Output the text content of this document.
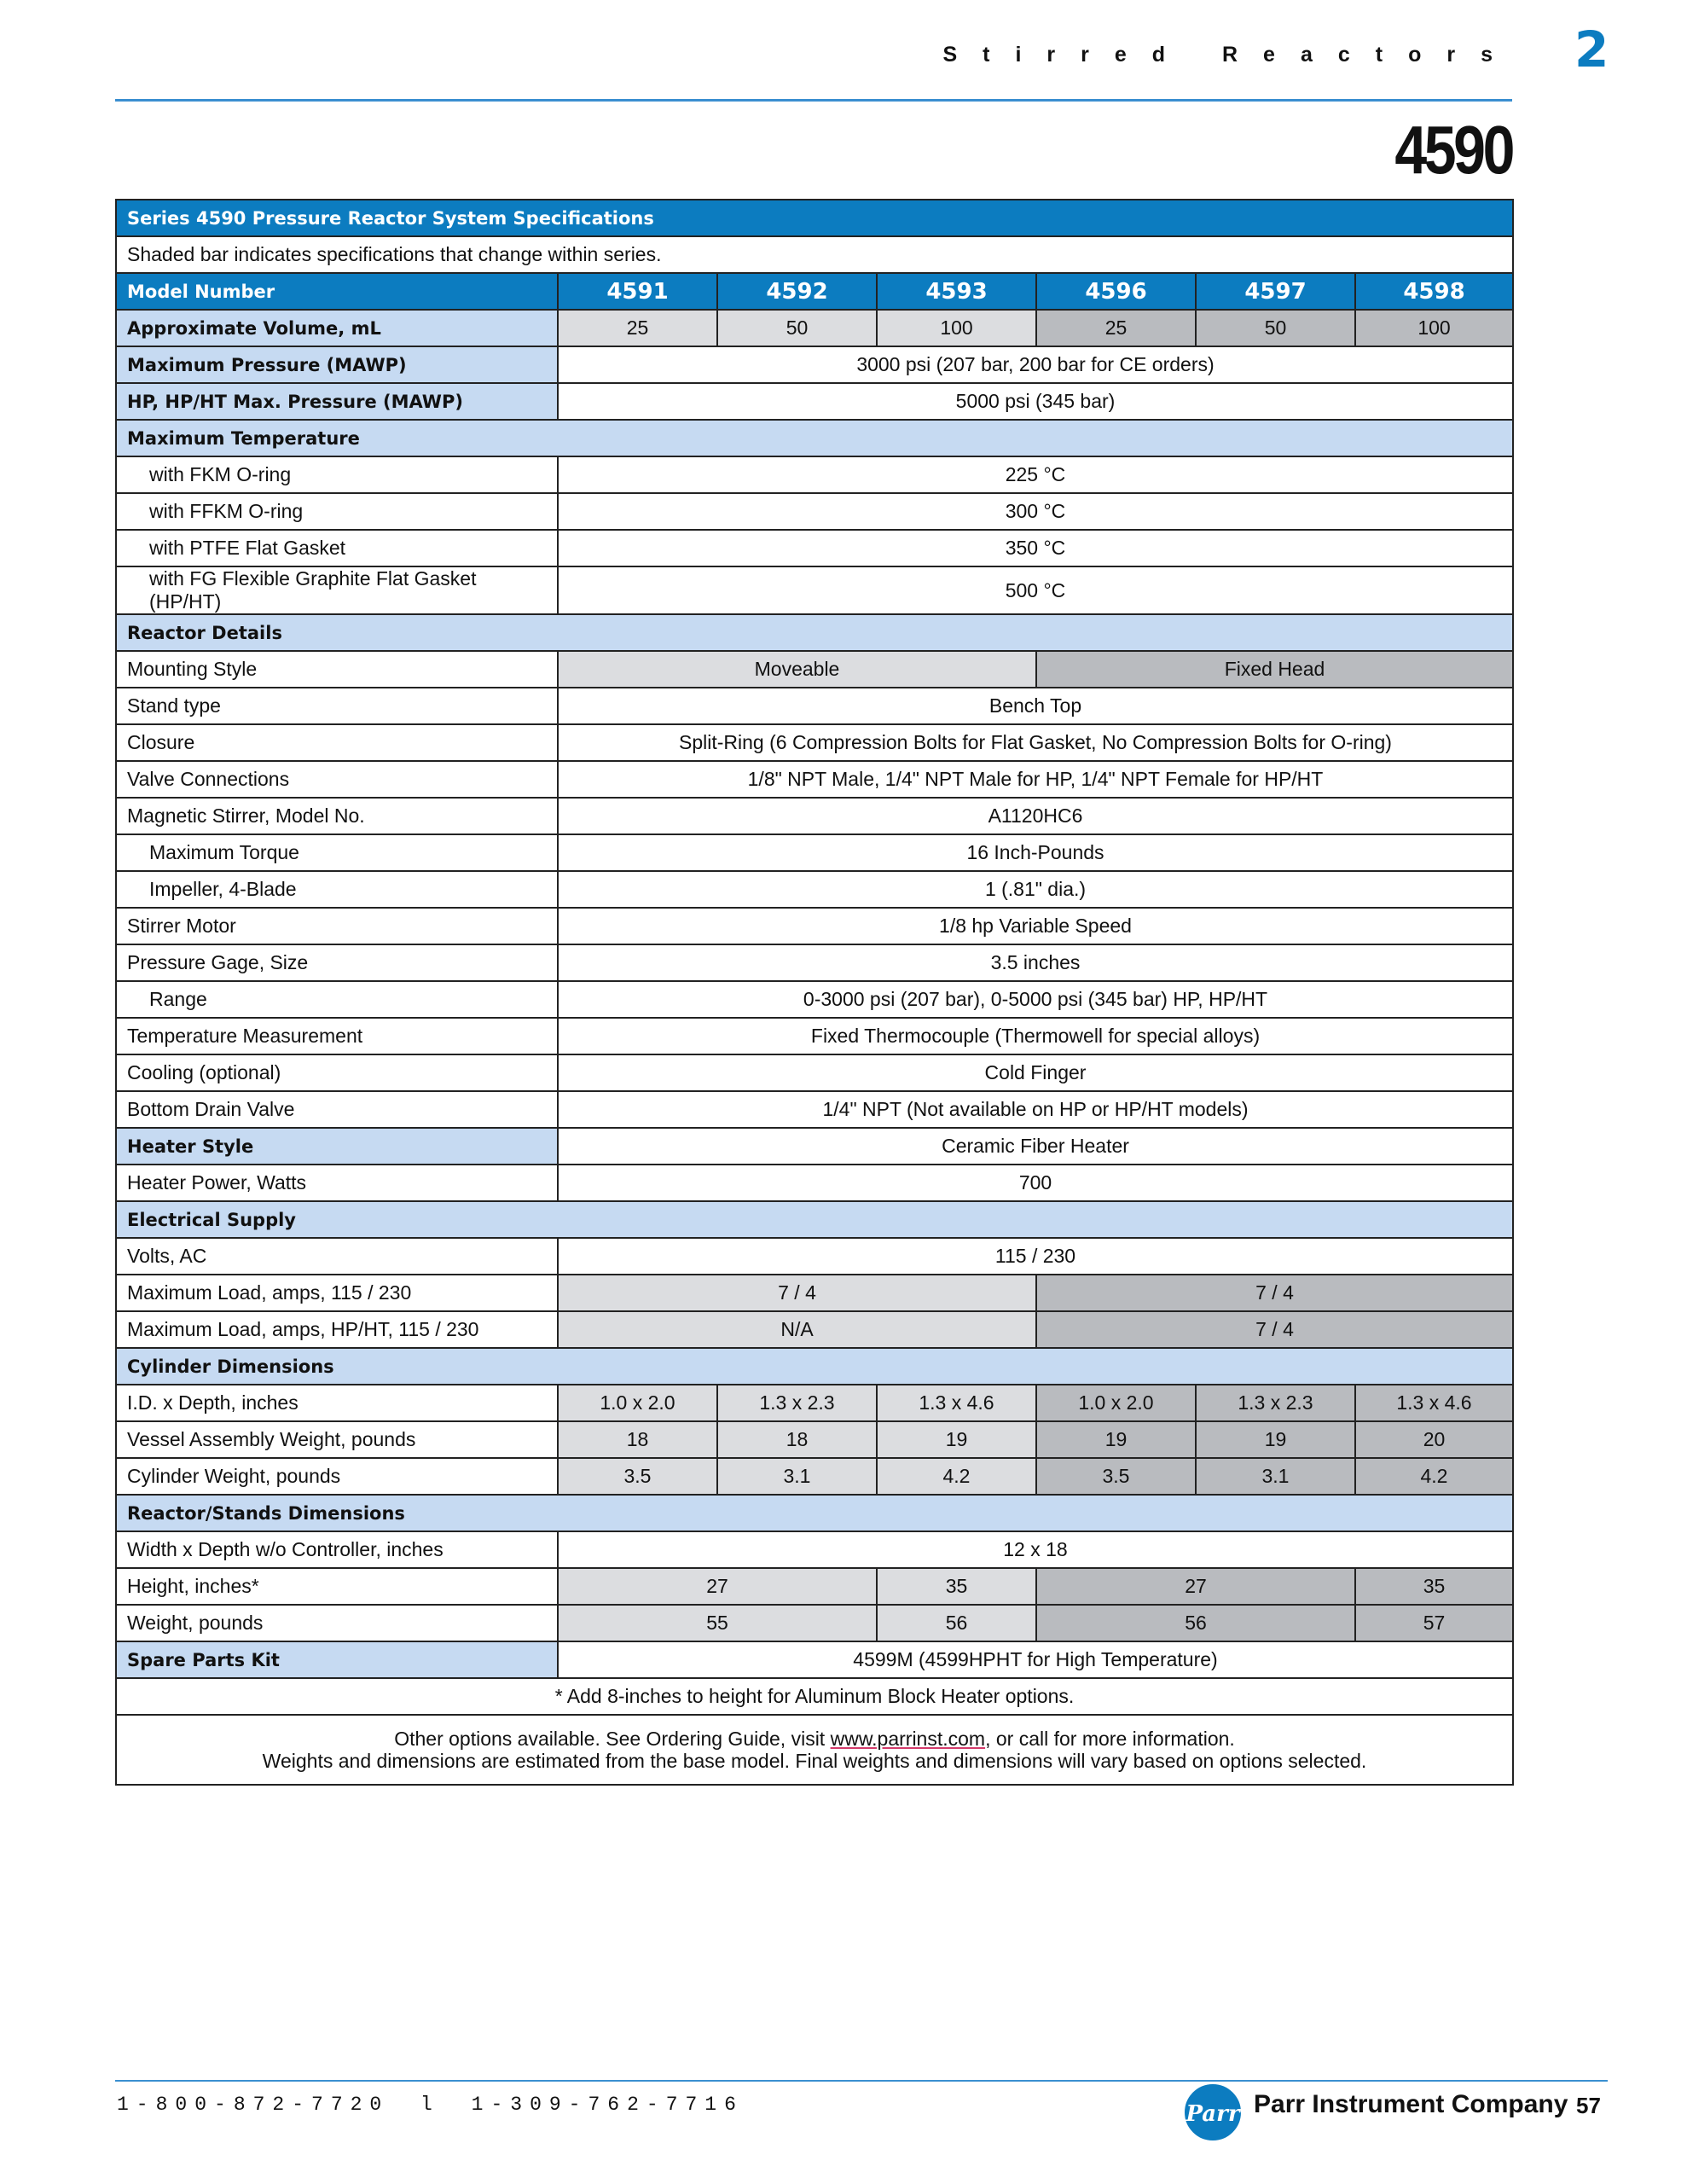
Stirred Reactors 2
4590
Series 4590 Pressure Reactor System Specifications						
Shaded bar indicates specifications that change within series.						
Model Number	4591	4592	4593	4596	4597	4598
Approximate Volume, mL	25	50	100	25	50	100
Maximum Pressure (MAWP)	3000 psi (207 bar, 200 bar for CE orders)					
HP, HP/HT Max. Pressure (MAWP)	5000 psi (345 bar)					
Maximum Temperature						
with FKM O-ring	225 °C					
with FFKM O-ring	300 °C					
with PTFE Flat Gasket	350 °C					
with FG Flexible Graphite Flat Gasket (HP/HT)	500 °C					
Reactor Details						
Mounting Style	Moveable			Fixed Head		
Stand type	Bench Top					
Closure	Split-Ring (6 Compression Bolts for Flat Gasket, No Compression Bolts for O-ring)					
Valve Connections	1/8" NPT Male, 1/4" NPT Male for HP, 1/4" NPT Female for HP/HT					
Magnetic Stirrer, Model No.	A1120HC6					
Maximum Torque	16 Inch-Pounds					
Impeller, 4-Blade	1 (.81" dia.)					
Stirrer Motor	1/8 hp Variable Speed					
Pressure Gage, Size	3.5 inches					
Range	0-3000 psi (207 bar), 0-5000 psi (345 bar) HP, HP/HT					
Temperature Measurement	Fixed Thermocouple (Thermowell for special alloys)					
Cooling (optional)	Cold Finger					
Bottom Drain Valve	1/4" NPT (Not available on HP or HP/HT models)					
Heater Style	Ceramic Fiber Heater					
Heater Power, Watts	700					
Electrical Supply						
Volts, AC	115 / 230					
Maximum Load, amps, 115 / 230	7 / 4			7 / 4		
Maximum Load, amps, HP/HT, 115 / 230	N/A			7 / 4		
Cylinder Dimensions						
I.D. x Depth, inches	1.0 x 2.0	1.3 x 2.3	1.3 x 4.6	1.0 x 2.0	1.3 x 2.3	1.3 x 4.6
Vessel Assembly Weight, pounds	18	18	19	19	19	20
Cylinder Weight, pounds	3.5	3.1	4.2	3.5	3.1	4.2
Reactor/Stands Dimensions						
Width x Depth w/o Controller, inches	12 x 18					
Height, inches*	27		35	27		35
Weight, pounds	55		56	56		57
Spare Parts Kit	4599M (4599HPHT for High Temperature)					
* Add 8-inches to height for Aluminum Block Heater options.						

Other options available. See Ordering Guide, visit www.parrinst.com, or call for more information.
Weights and dimensions are estimated from the base model. Final weights and dimensions will vary based on options selected.						
1-800-872-7720 l 1-309-762-7716	Parr Parr Instrument Company 57
